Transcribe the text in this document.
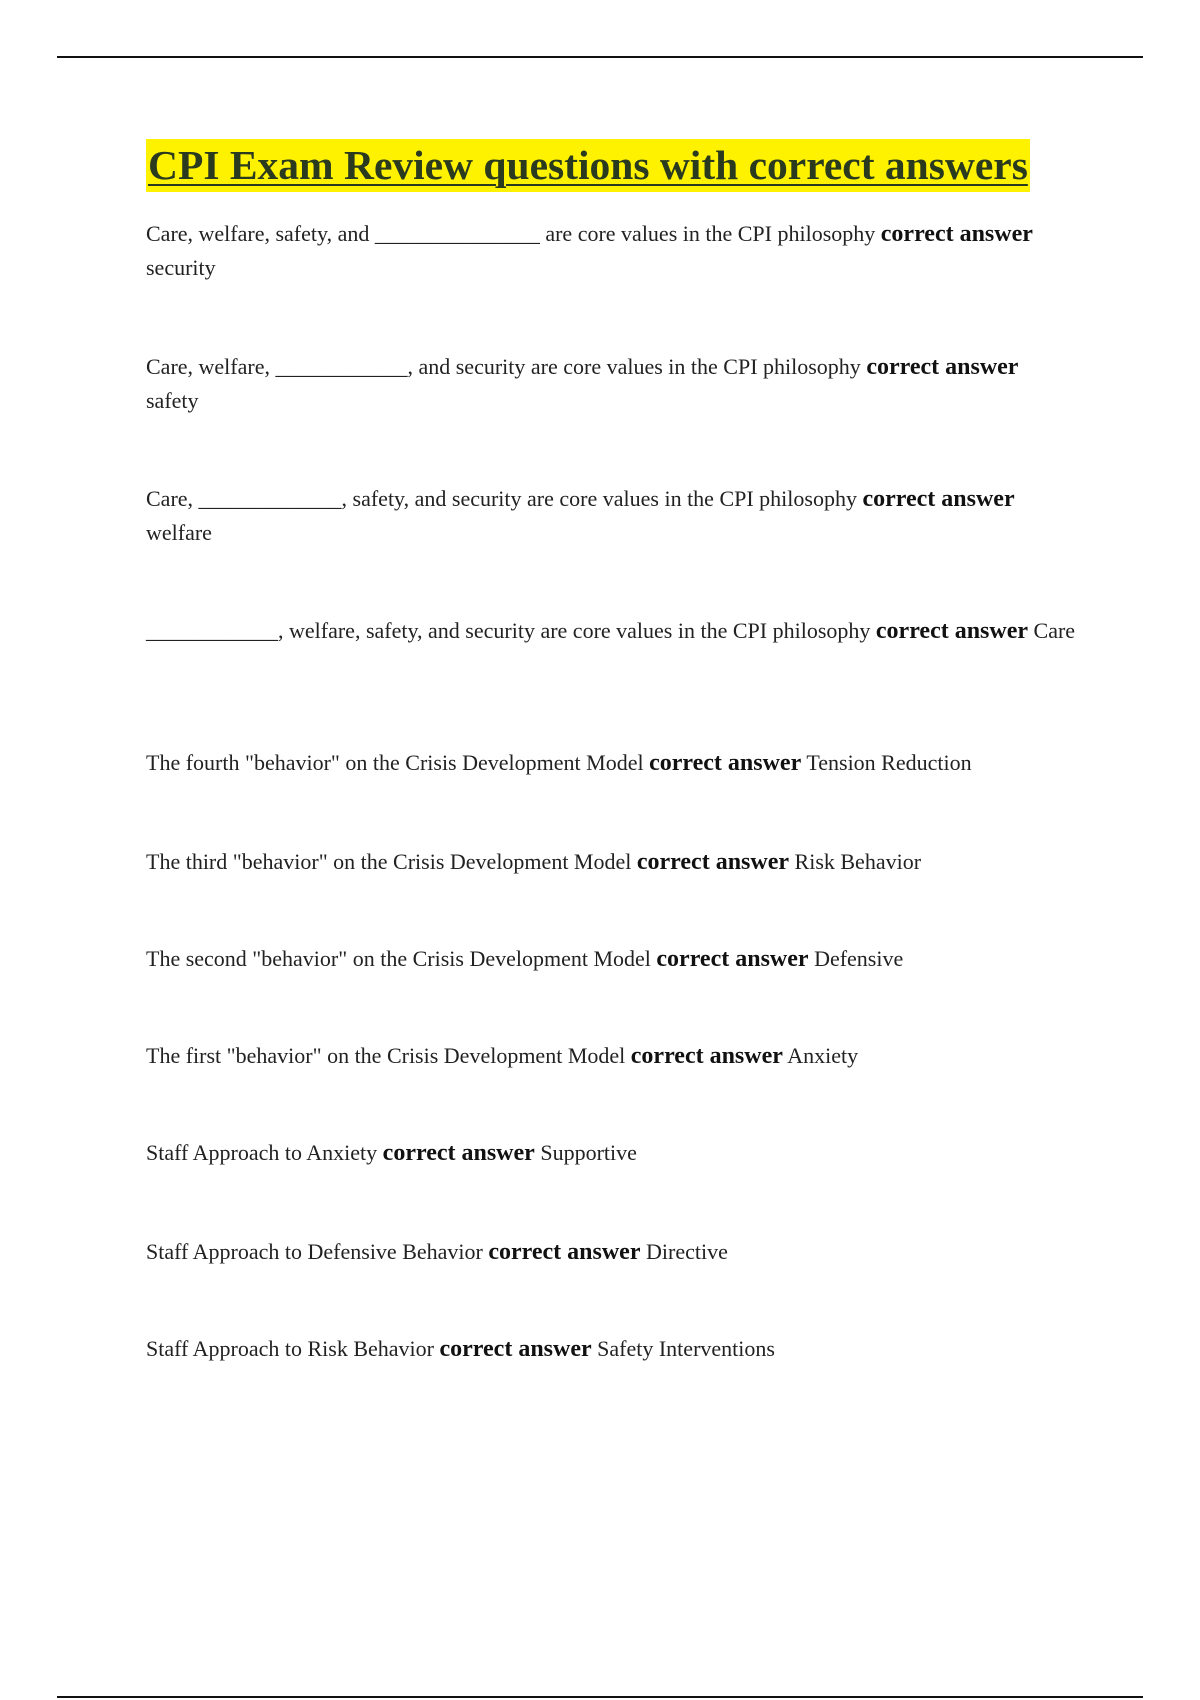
CPI Exam Review questions with correct answers
Care, welfare, safety, and _______________ are core values in the CPI philosophy correct answer security
Care, welfare, ____________, and security are core values in the CPI philosophy correct answer safety
Care, _____________, safety, and security are core values in the CPI philosophy correct answer welfare
____________, welfare, safety, and security are core values in the CPI philosophy correct answer Care
The fourth "behavior" on the Crisis Development Model correct answer Tension Reduction
The third "behavior" on the Crisis Development Model correct answer Risk Behavior
The second "behavior" on the Crisis Development Model correct answer Defensive
The first "behavior" on the Crisis Development Model correct answer Anxiety
Staff Approach to Anxiety correct answer Supportive
Staff Approach to Defensive Behavior correct answer Directive
Staff Approach to Risk Behavior correct answer Safety Interventions
